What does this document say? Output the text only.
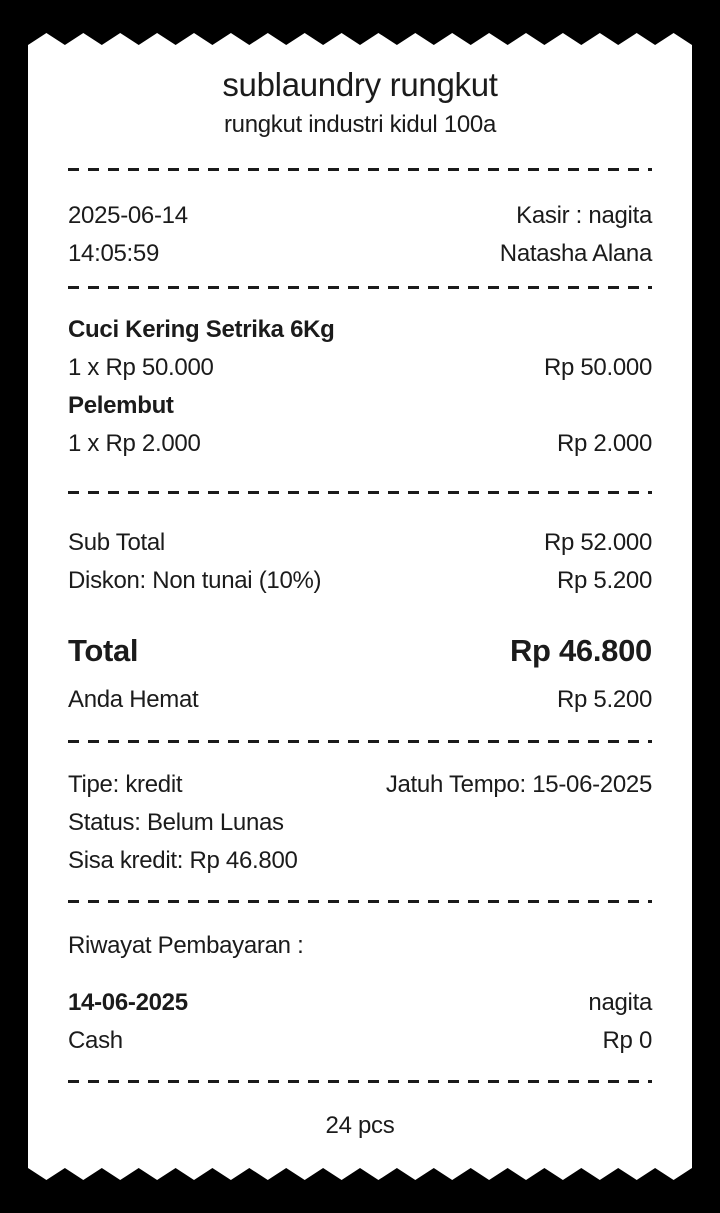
sublaundry rungkut
rungkut industri kidul 100a
2025-06-14	Kasir : nagita
14:05:59	Natasha Alana
Cuci Kering Setrika 6Kg
1 x Rp 50.000	Rp 50.000
Pelembut
1 x Rp 2.000	Rp 2.000
Sub Total	Rp 52.000
Diskon: Non tunai (10%)	Rp 5.200
Total	Rp 46.800
Anda Hemat	Rp 5.200
Tipe: kredit	Jatuh Tempo: 15-06-2025
Status: Belum Lunas
Sisa kredit: Rp 46.800
Riwayat Pembayaran :
14-06-2025	nagita
Cash	Rp 0
24 pcs
